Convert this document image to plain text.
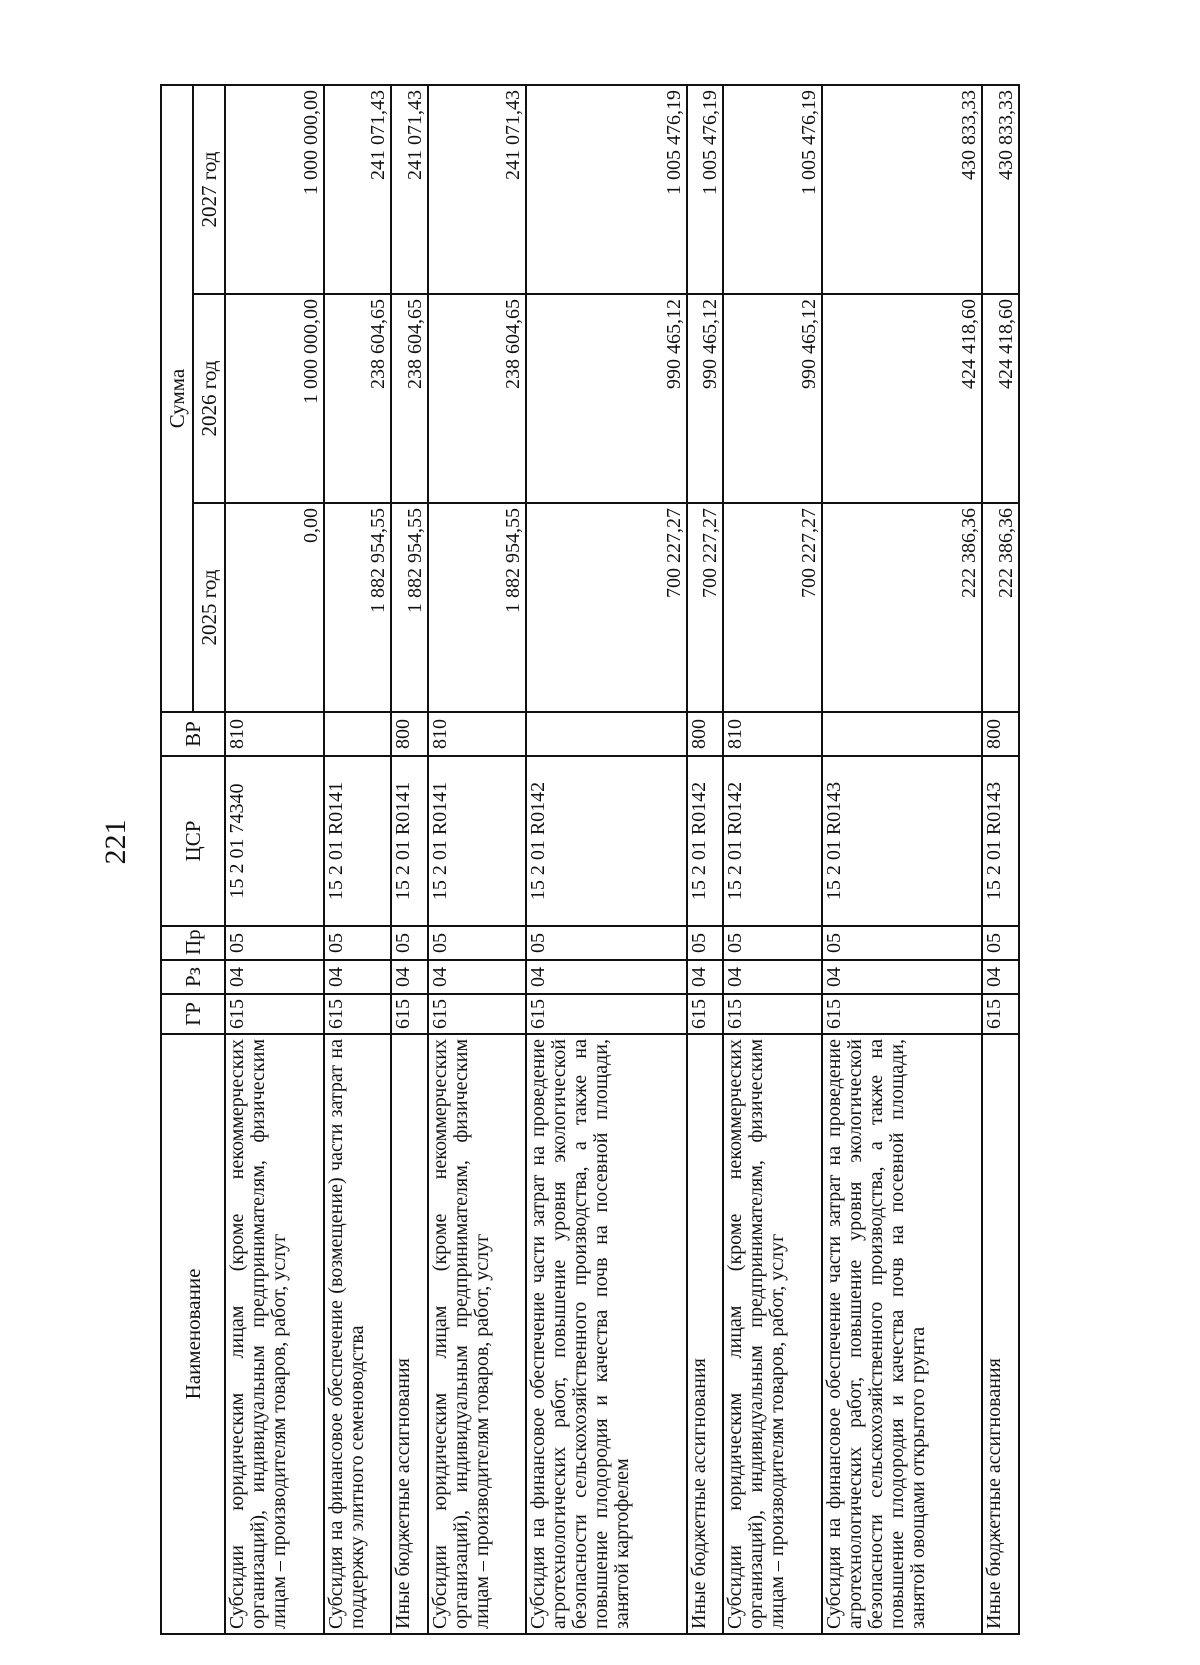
221
Наименование	ГР	Рз	Пр	ЦСР	ВР	Сумма		
						2025 год	2026 год	2027 год
Субсидии юридическим лицам (кроме некоммерческих организаций), индивидуальным предпринимателям, физическим лицам – производителям товаров, работ, услуг	615	04	05	15 2 01 74340	810	0,00	1 000 000,00	1 000 000,00
Субсидия на финансовое обеспечение (возмещение) части затрат на поддержку элитного семеноводства	615	04	05	15 2 01 R0141		1 882 954,55	238 604,65	241 071,43
Иные бюджетные ассигнования	615	04	05	15 2 01 R0141	800	1 882 954,55	238 604,65	241 071,43
Субсидии юридическим лицам (кроме некоммерческих организаций), индивидуальным предпринимателям, физическим лицам – производителям товаров, работ, услуг	615	04	05	15 2 01 R0141	810	1 882 954,55	238 604,65	241 071,43
Субсидия на финансовое обеспечение части затрат на проведение агротехнологических работ, повышение уровня экологической безопасности сельскохозяйственного производства, а также на повышение плодородия и качества почв на посевной площади, занятой картофелем	615	04	05	15 2 01 R0142		700 227,27	990 465,12	1 005 476,19
Иные бюджетные ассигнования	615	04	05	15 2 01 R0142	800	700 227,27	990 465,12	1 005 476,19
Субсидии юридическим лицам (кроме некоммерческих организаций), индивидуальным предпринимателям, физическим лицам – производителям товаров, работ, услуг	615	04	05	15 2 01 R0142	810	700 227,27	990 465,12	1 005 476,19
Субсидия на финансовое обеспечение части затрат на проведение агротехнологических работ, повышение уровня экологической безопасности сельскохозяйственного производства, а также на повышение плодородия и качества почв на посевной площади, занятой овощами открытого грунта	615	04	05	15 2 01 R0143		222 386,36	424 418,60	430 833,33
Иные бюджетные ассигнования	615	04	05	15 2 01 R0143	800	222 386,36	424 418,60	430 833,33
